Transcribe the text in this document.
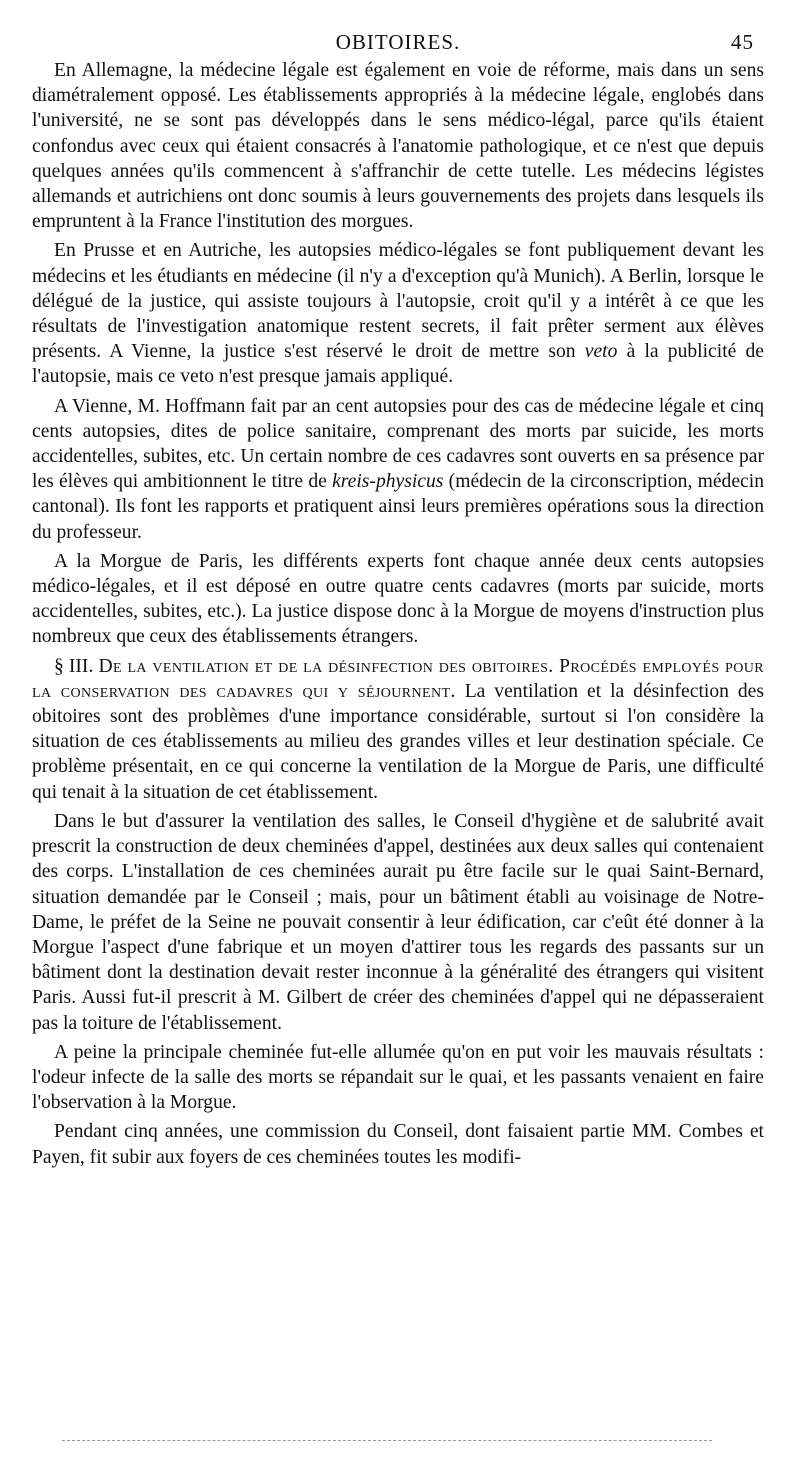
OBITOIRES.	45

En Allemagne, la médecine légale est également en voie de réforme, mais dans un sens diamétralement opposé. Les établissements appropriés à la médecine légale, englobés dans l'université, ne se sont pas développés dans le sens médico-légal, parce qu'ils étaient confondus avec ceux qui étaient consacrés à l'anatomie pathologique, et ce n'est que depuis quelques années qu'ils commencent à s'affranchir de cette tutelle. Les médecins légistes allemands et autrichiens ont donc soumis à leurs gouvernements des projets dans lesquels ils empruntent à la France l'institution des morgues.

En Prusse et en Autriche, les autopsies médico-légales se font publiquement devant les médecins et les étudiants en médecine (il n'y a d'exception qu'à Munich). A Berlin, lorsque le délégué de la justice, qui assiste toujours à l'autopsie, croit qu'il y a intérêt à ce que les résultats de l'investigation anatomique restent secrets, il fait prêter serment aux élèves présents. A Vienne, la justice s'est réservé le droit de mettre son veto à la publicité de l'autopsie, mais ce veto n'est presque jamais appliqué.

A Vienne, M. Hoffmann fait par an cent autopsies pour des cas de médecine légale et cinq cents autopsies, dites de police sanitaire, comprenant des morts par suicide, les morts accidentelles, subites, etc. Un certain nombre de ces cadavres sont ouverts en sa présence par les élèves qui ambitionnent le titre de kreis-physicus (médecin de la circonscription, médecin cantonal). Ils font les rapports et pratiquent ainsi leurs premières opérations sous la direction du professeur.

A la Morgue de Paris, les différents experts font chaque année deux cents autopsies médico-légales, et il est déposé en outre quatre cents cadavres (morts par suicide, morts accidentelles, subites, etc.). La justice dispose donc à la Morgue de moyens d'instruction plus nombreux que ceux des établissements étrangers.

§ III. De la ventilation et de la désinfection des obitoires. Procédés employés pour la conservation des cadavres qui y séjournent. La ventilation et la désinfection des obitoires sont des problèmes d'une importance considérable, surtout si l'on considère la situation de ces établissements au milieu des grandes villes et leur destination spéciale. Ce problème présentait, en ce qui concerne la ventilation de la Morgue de Paris, une difficulté qui tenait à la situation de cet établissement.

Dans le but d'assurer la ventilation des salles, le Conseil d'hygiène et de salubrité avait prescrit la construction de deux cheminées d'appel, destinées aux deux salles qui contenaient des corps. L'installation de ces cheminées aurait pu être facile sur le quai Saint-Bernard, situation demandée par le Conseil ; mais, pour un bâtiment établi au voisinage de Notre-Dame, le préfet de la Seine ne pouvait consentir à leur édification, car c'eût été donner à la Morgue l'aspect d'une fabrique et un moyen d'attirer tous les regards des passants sur un bâtiment dont la destination devait rester inconnue à la généralité des étrangers qui visitent Paris. Aussi fut-il prescrit à M. Gilbert de créer des cheminées d'appel qui ne dépasseraient pas la toiture de l'établissement.

A peine la principale cheminée fut-elle allumée qu'on en put voir les mauvais résultats : l'odeur infecte de la salle des morts se répandait sur le quai, et les passants venaient en faire l'observation à la Morgue.

Pendant cinq années, une commission du Conseil, dont faisaient partie MM. Combes et Payen, fit subir aux foyers de ces cheminées toutes les modifi-
